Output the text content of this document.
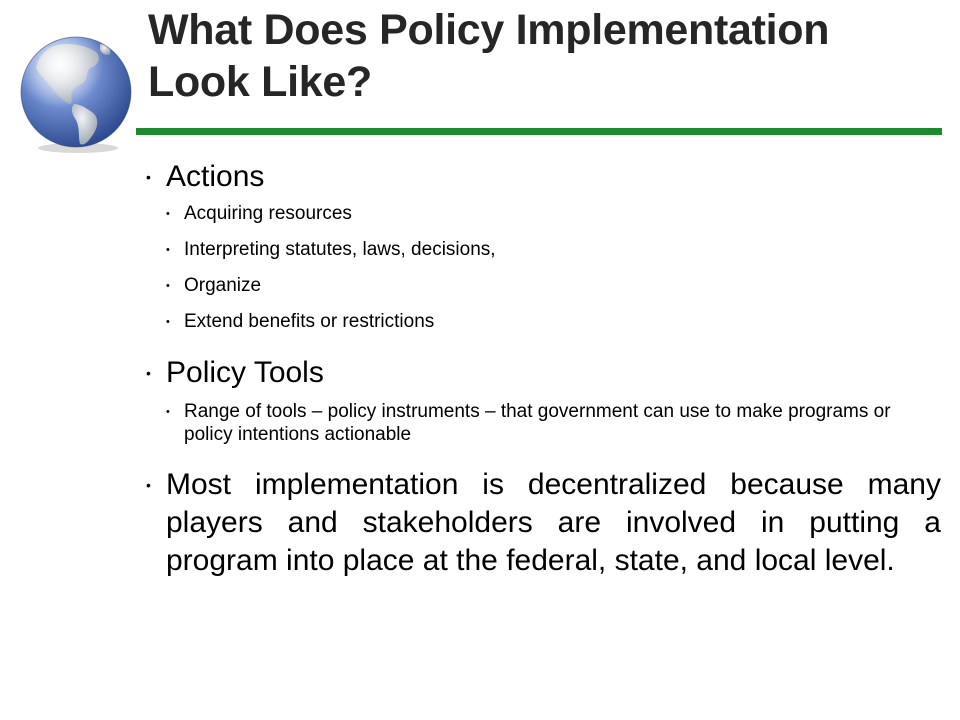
What Does Policy Implementation
Look Like?
• Actions
• Acquiring resources
• Interpreting statutes, laws, decisions,
• Organize
• Extend benefits or restrictions
• Policy Tools
• Range of tools – policy instruments – that government can use to make programs or policy intentions actionable
• Most implementation is decentralized because many players and stakeholders are involved in putting a program into place at the federal, state, and local level.
